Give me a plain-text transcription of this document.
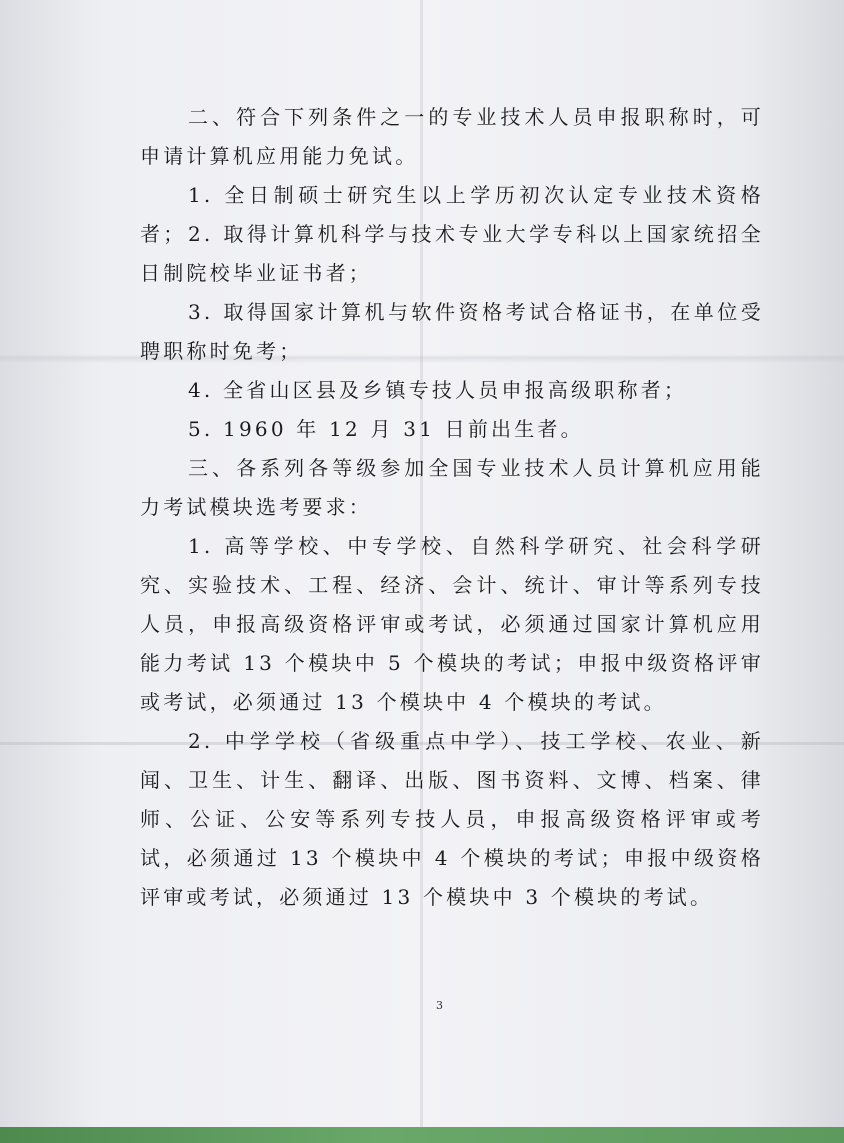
二、符合下列条件之一的专业技术人员申报职称时，可申请计算机应用能力免试。

1. 全日制硕士研究生以上学历初次认定专业技术资格者； 2. 取得计算机科学与技术专业大学专科以上国家统招全日制院校毕业证书者；

3. 取得国家计算机与软件资格考试合格证书，在单位受聘职称时免考；

4. 全省山区县及乡镇专技人员申报高级职称者；

5. 1960 年 12 月 31 日前出生者。

三、各系列各等级参加全国专业技术人员计算机应用能力考试模块选考要求：

1. 高等学校、中专学校、自然科学研究、社会科学研究、实验技术、工程、经济、会计、统计、审计等系列专技人员，申报高级资格评审或考试，必须通过国家计算机应用能力考试 13 个模块中 5 个模块的考试；申报中级资格评审或考试，必须通过 13 个模块中 4 个模块的考试。

2. 中学学校（省级重点中学）、技工学校、农业、新闻、卫生、计生、翻译、出版、图书资料、文博、档案、律师、公证、公安等系列专技人员，申报高级资格评审或考试，必须通过 13 个模块中 4 个模块的考试；申报中级资格评审或考试，必须通过 13 个模块中 3 个模块的考试。

3
